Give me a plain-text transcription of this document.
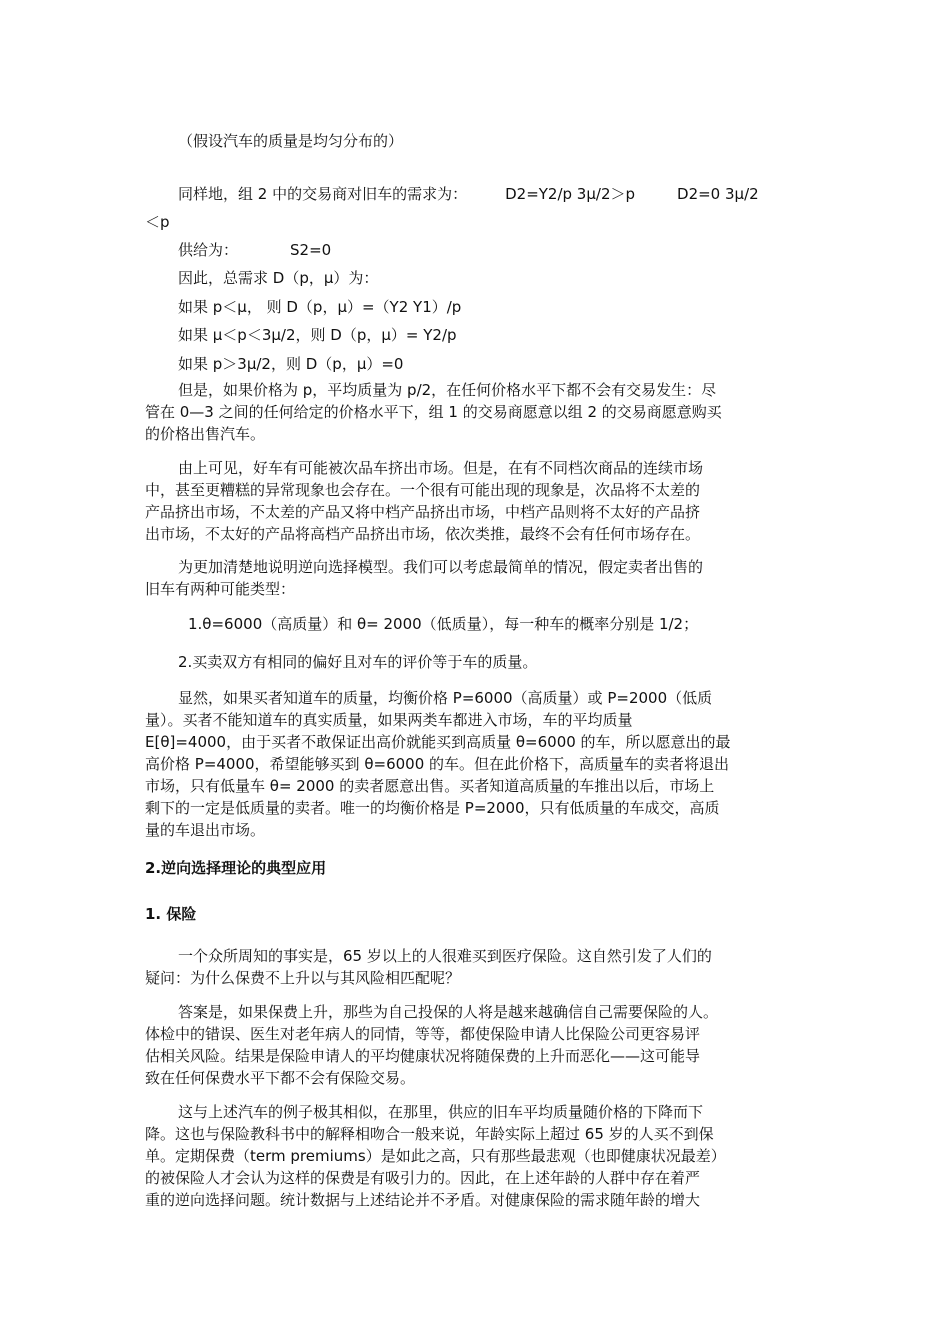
（假设汽车的质量是均匀分布的）
同样地，组 2 中的交易商对旧车的需求为：	D2=Y2/p 3μ/2＞p	D2=0 3μ/2
＜p
供给为：	S2=0
因此，总需求 D（p，μ）为：
如果 p＜μ， 则 D（p，μ）=（Y2 Y1）/p
如果 μ＜p＜3μ/2，则 D（p，μ）= Y2/p
如果 p＞3μ/2，则 D（p，μ）=0
但是，如果价格为 p，平均质量为 p/2，在任何价格水平下都不会有交易发生：尽
管在 0—3 之间的任何给定的价格水平下，组 1 的交易商愿意以组 2 的交易商愿意购买
的价格出售汽车。
由上可见，好车有可能被次品车挤出市场。但是，在有不同档次商品的连续市场
中，甚至更糟糕的异常现象也会存在。一个很有可能出现的现象是，次品将不太差的
产品挤出市场，不太差的产品又将中档产品挤出市场，中档产品则将不太好的产品挤
出市场，不太好的产品将高档产品挤出市场，依次类推，最终不会有任何市场存在。
为更加清楚地说明逆向选择模型。我们可以考虑最简单的情况，假定卖者出售的
旧车有两种可能类型：
1.θ=6000（高质量）和 θ= 2000（低质量），每一种车的概率分别是 1/2；
2.买卖双方有相同的偏好且对车的评价等于车的质量。
显然，如果买者知道车的质量，均衡价格 P=6000（高质量）或 P=2000（低质
量）。买者不能知道车的真实质量，如果两类车都进入市场，车的平均质量
E[θ]=4000，由于买者不敢保证出高价就能买到高质量 θ=6000 的车，所以愿意出的最
高价格 P=4000，希望能够买到 θ=6000 的车。但在此价格下，高质量车的卖者将退出
市场，只有低量车 θ= 2000 的卖者愿意出售。买者知道高质量的车推出以后，市场上
剩下的一定是低质量的卖者。唯一的均衡价格是 P=2000，只有低质量的车成交，高质
量的车退出市场。
2.逆向选择理论的典型应用
1. 保险
一个众所周知的事实是，65 岁以上的人很难买到医疗保险。这自然引发了人们的
疑问：为什么保费不上升以与其风险相匹配呢？
答案是，如果保费上升，那些为自己投保的人将是越来越确信自己需要保险的人。
体检中的错误、医生对老年病人的同情，等等，都使保险申请人比保险公司更容易评
估相关风险。结果是保险申请人的平均健康状况将随保费的上升而恶化——这可能导
致在任何保费水平下都不会有保险交易。
这与上述汽车的例子极其相似，在那里，供应的旧车平均质量随价格的下降而下
降。这也与保险教科书中的解释相吻合一般来说，年龄实际上超过 65 岁的人买不到保
单。定期保费（term premiums）是如此之高，只有那些最悲观（也即健康状况最差）
的被保险人才会认为这样的保费是有吸引力的。因此，在上述年龄的人群中存在着严
重的逆向选择问题。统计数据与上述结论并不矛盾。对健康保险的需求随年龄的增大
